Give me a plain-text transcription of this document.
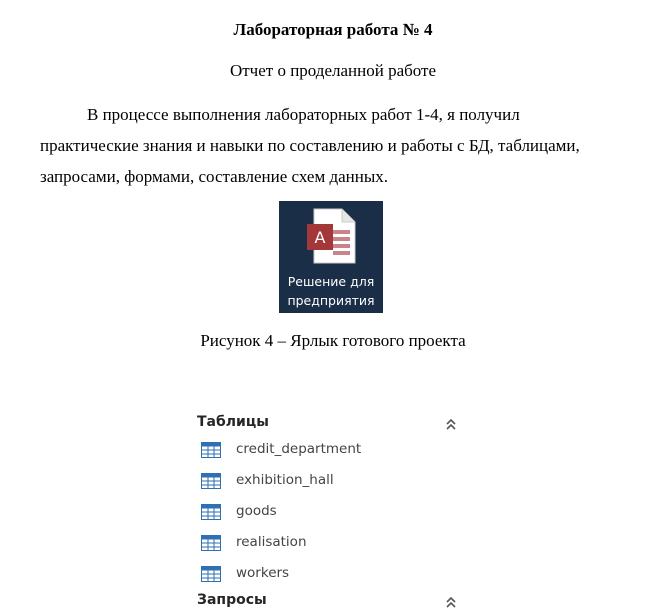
Лабораторная работа № 4
Отчет о проделанной работе
В процессе выполнения лабораторных работ 1-4, я получил
практические знания и навыки по составлению и работы с БД, таблицами,
запросами, формами, составление схем данных.
A
Решение для
предприятия
Рисунок 4 – Ярлык готового проекта
Таблицы
credit_department
exhibition_hall
goods
realisation
workers
Запросы
